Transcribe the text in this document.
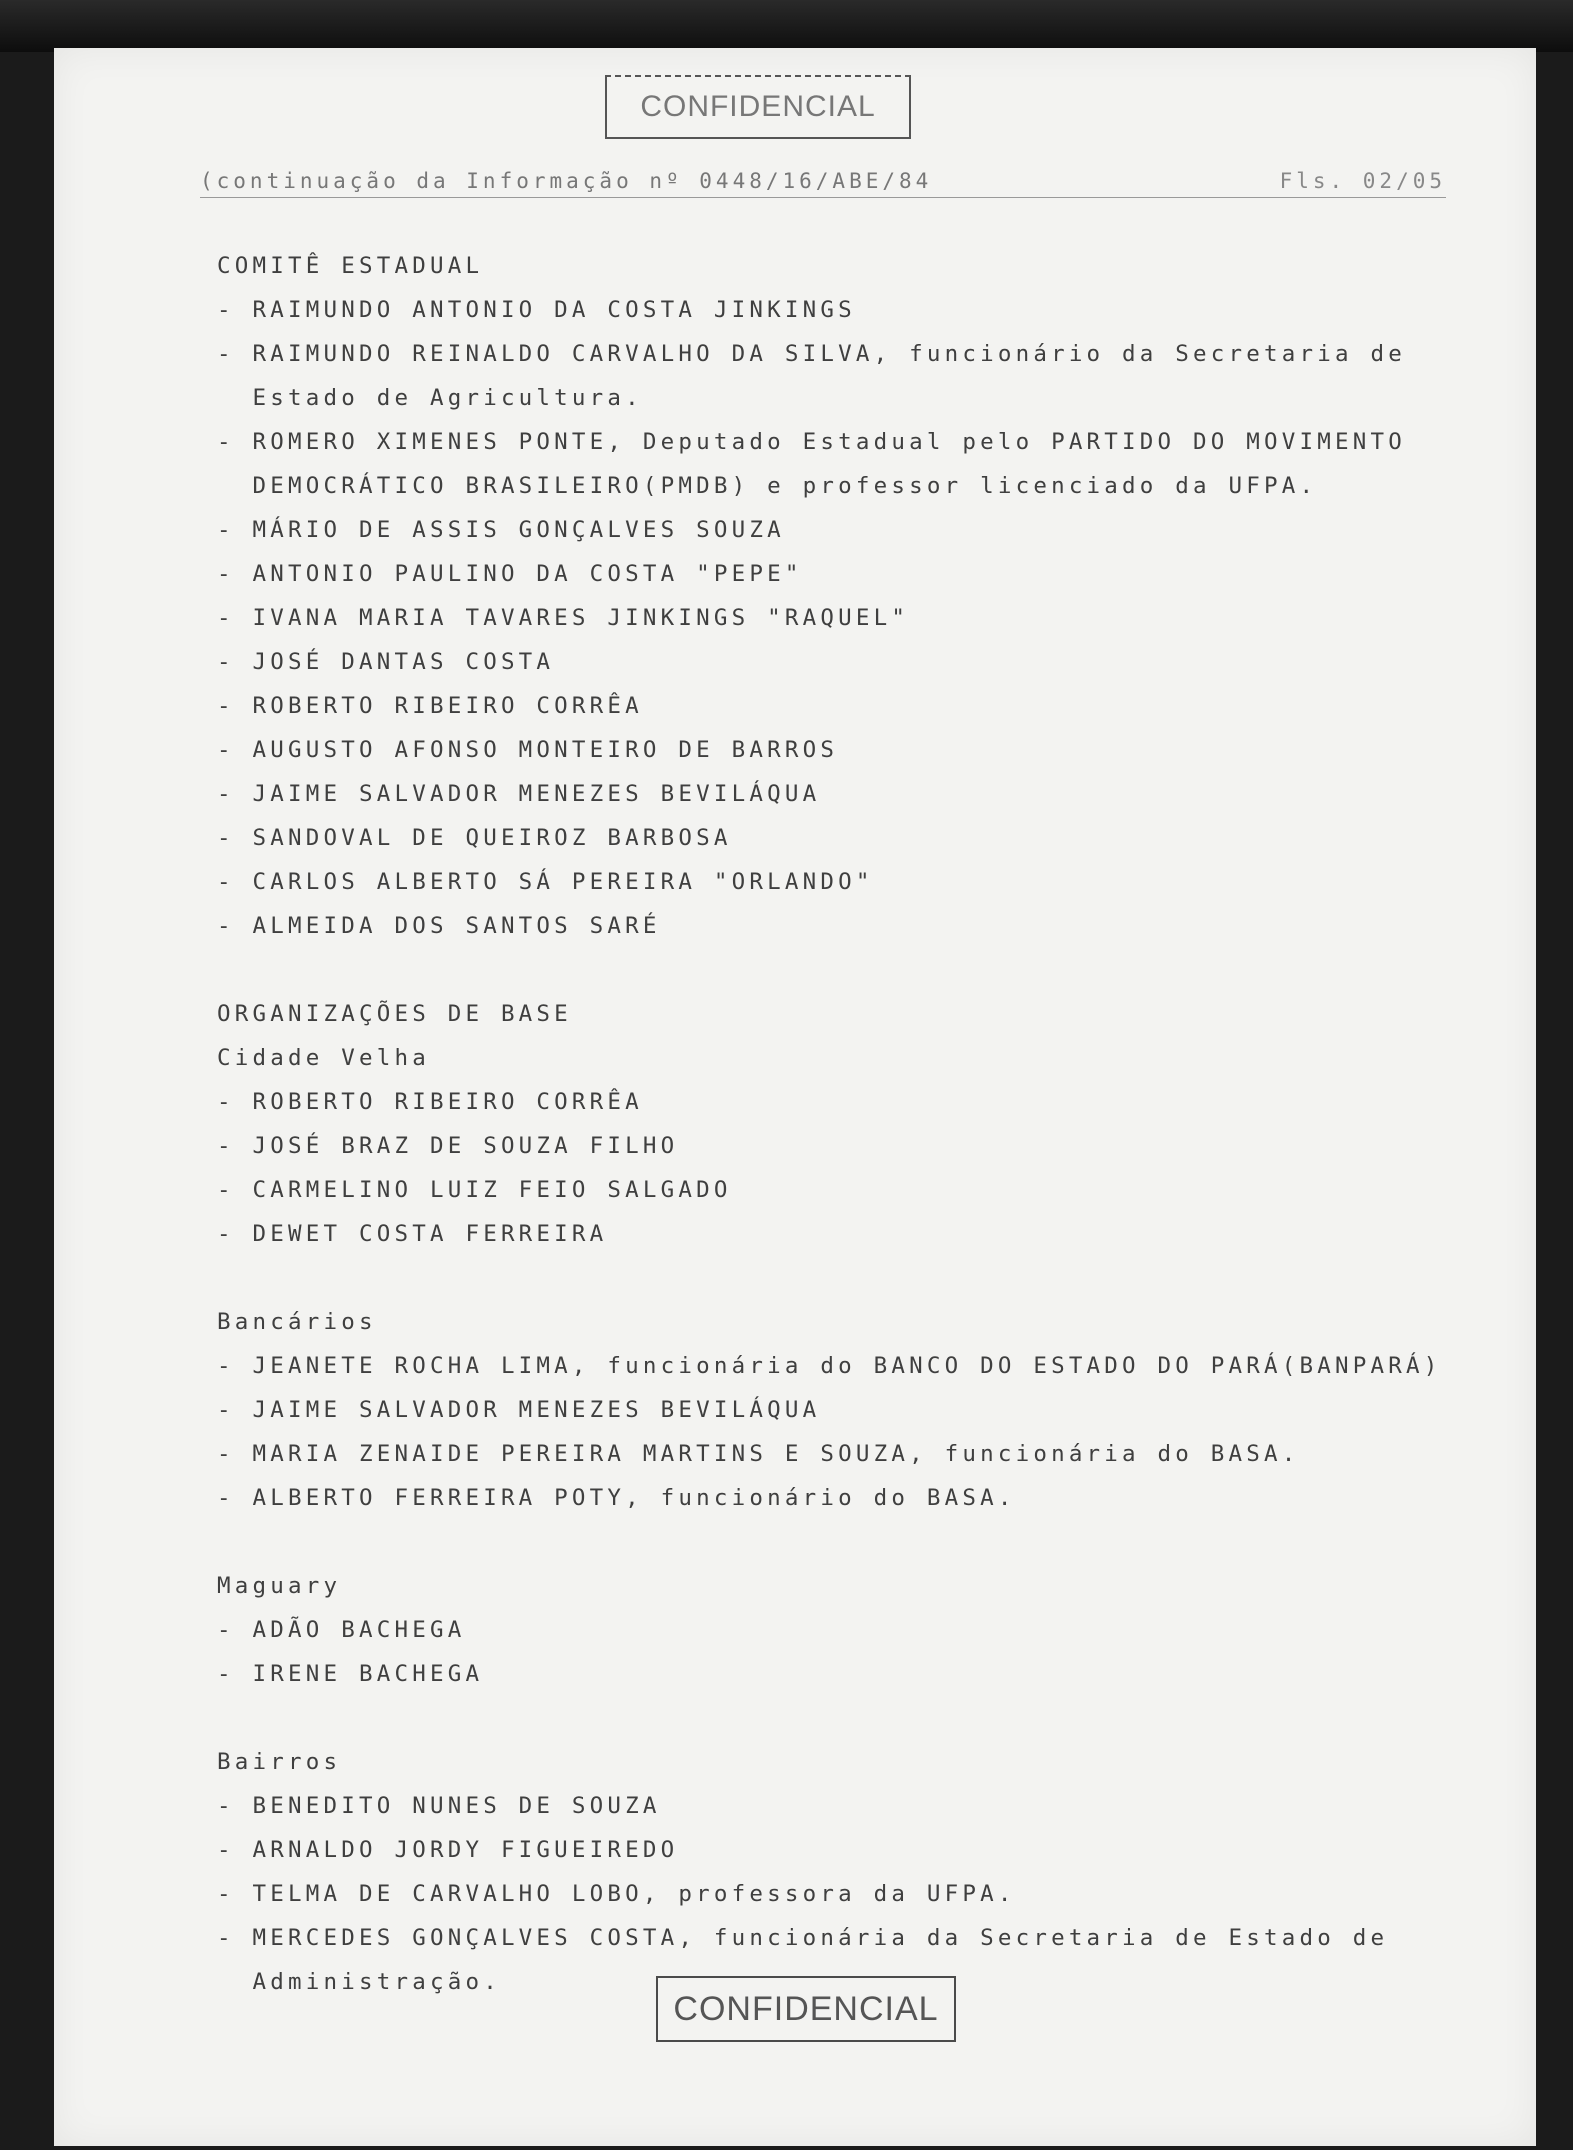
CONFIDENCIAL
(continuação da Informação nº 0448/16/ABE/84	Fls. 02/05
COMITÊ ESTADUAL
- RAIMUNDO ANTONIO DA COSTA JINKINGS
- RAIMUNDO REINALDO CARVALHO DA SILVA, funcionário da Secretaria de
Estado de Agricultura.
- ROMERO XIMENES PONTE, Deputado Estadual pelo PARTIDO DO MOVIMENTO
DEMOCRÁTICO BRASILEIRO(PMDB) e professor licenciado da UFPA.
- MÁRIO DE ASSIS GONÇALVES SOUZA
- ANTONIO PAULINO DA COSTA "PEPE"
- IVANA MARIA TAVARES JINKINGS "RAQUEL"
- JOSÉ DANTAS COSTA
- ROBERTO RIBEIRO CORRÊA
- AUGUSTO AFONSO MONTEIRO DE BARROS
- JAIME SALVADOR MENEZES BEVILÁQUA
- SANDOVAL DE QUEIROZ BARBOSA
- CARLOS ALBERTO SÁ PEREIRA "ORLANDO"
- ALMEIDA DOS SANTOS SARÉ
ORGANIZAÇÕES DE BASE
Cidade Velha
- ROBERTO RIBEIRO CORRÊA
- JOSÉ BRAZ DE SOUZA FILHO
- CARMELINO LUIZ FEIO SALGADO
- DEWET COSTA FERREIRA
Bancários
- JEANETE ROCHA LIMA, funcionária do BANCO DO ESTADO DO PARÁ(BANPARÁ)
- JAIME SALVADOR MENEZES BEVILÁQUA
- MARIA ZENAIDE PEREIRA MARTINS E SOUZA, funcionária do BASA.
- ALBERTO FERREIRA POTY, funcionário do BASA.
Maguary
- ADÃO BACHEGA
- IRENE BACHEGA
Bairros
- BENEDITO NUNES DE SOUZA
- ARNALDO JORDY FIGUEIREDO
- TELMA DE CARVALHO LOBO, professora da UFPA.
- MERCEDES GONÇALVES COSTA, funcionária da Secretaria de Estado de
Administração.
CONFIDENCIAL
